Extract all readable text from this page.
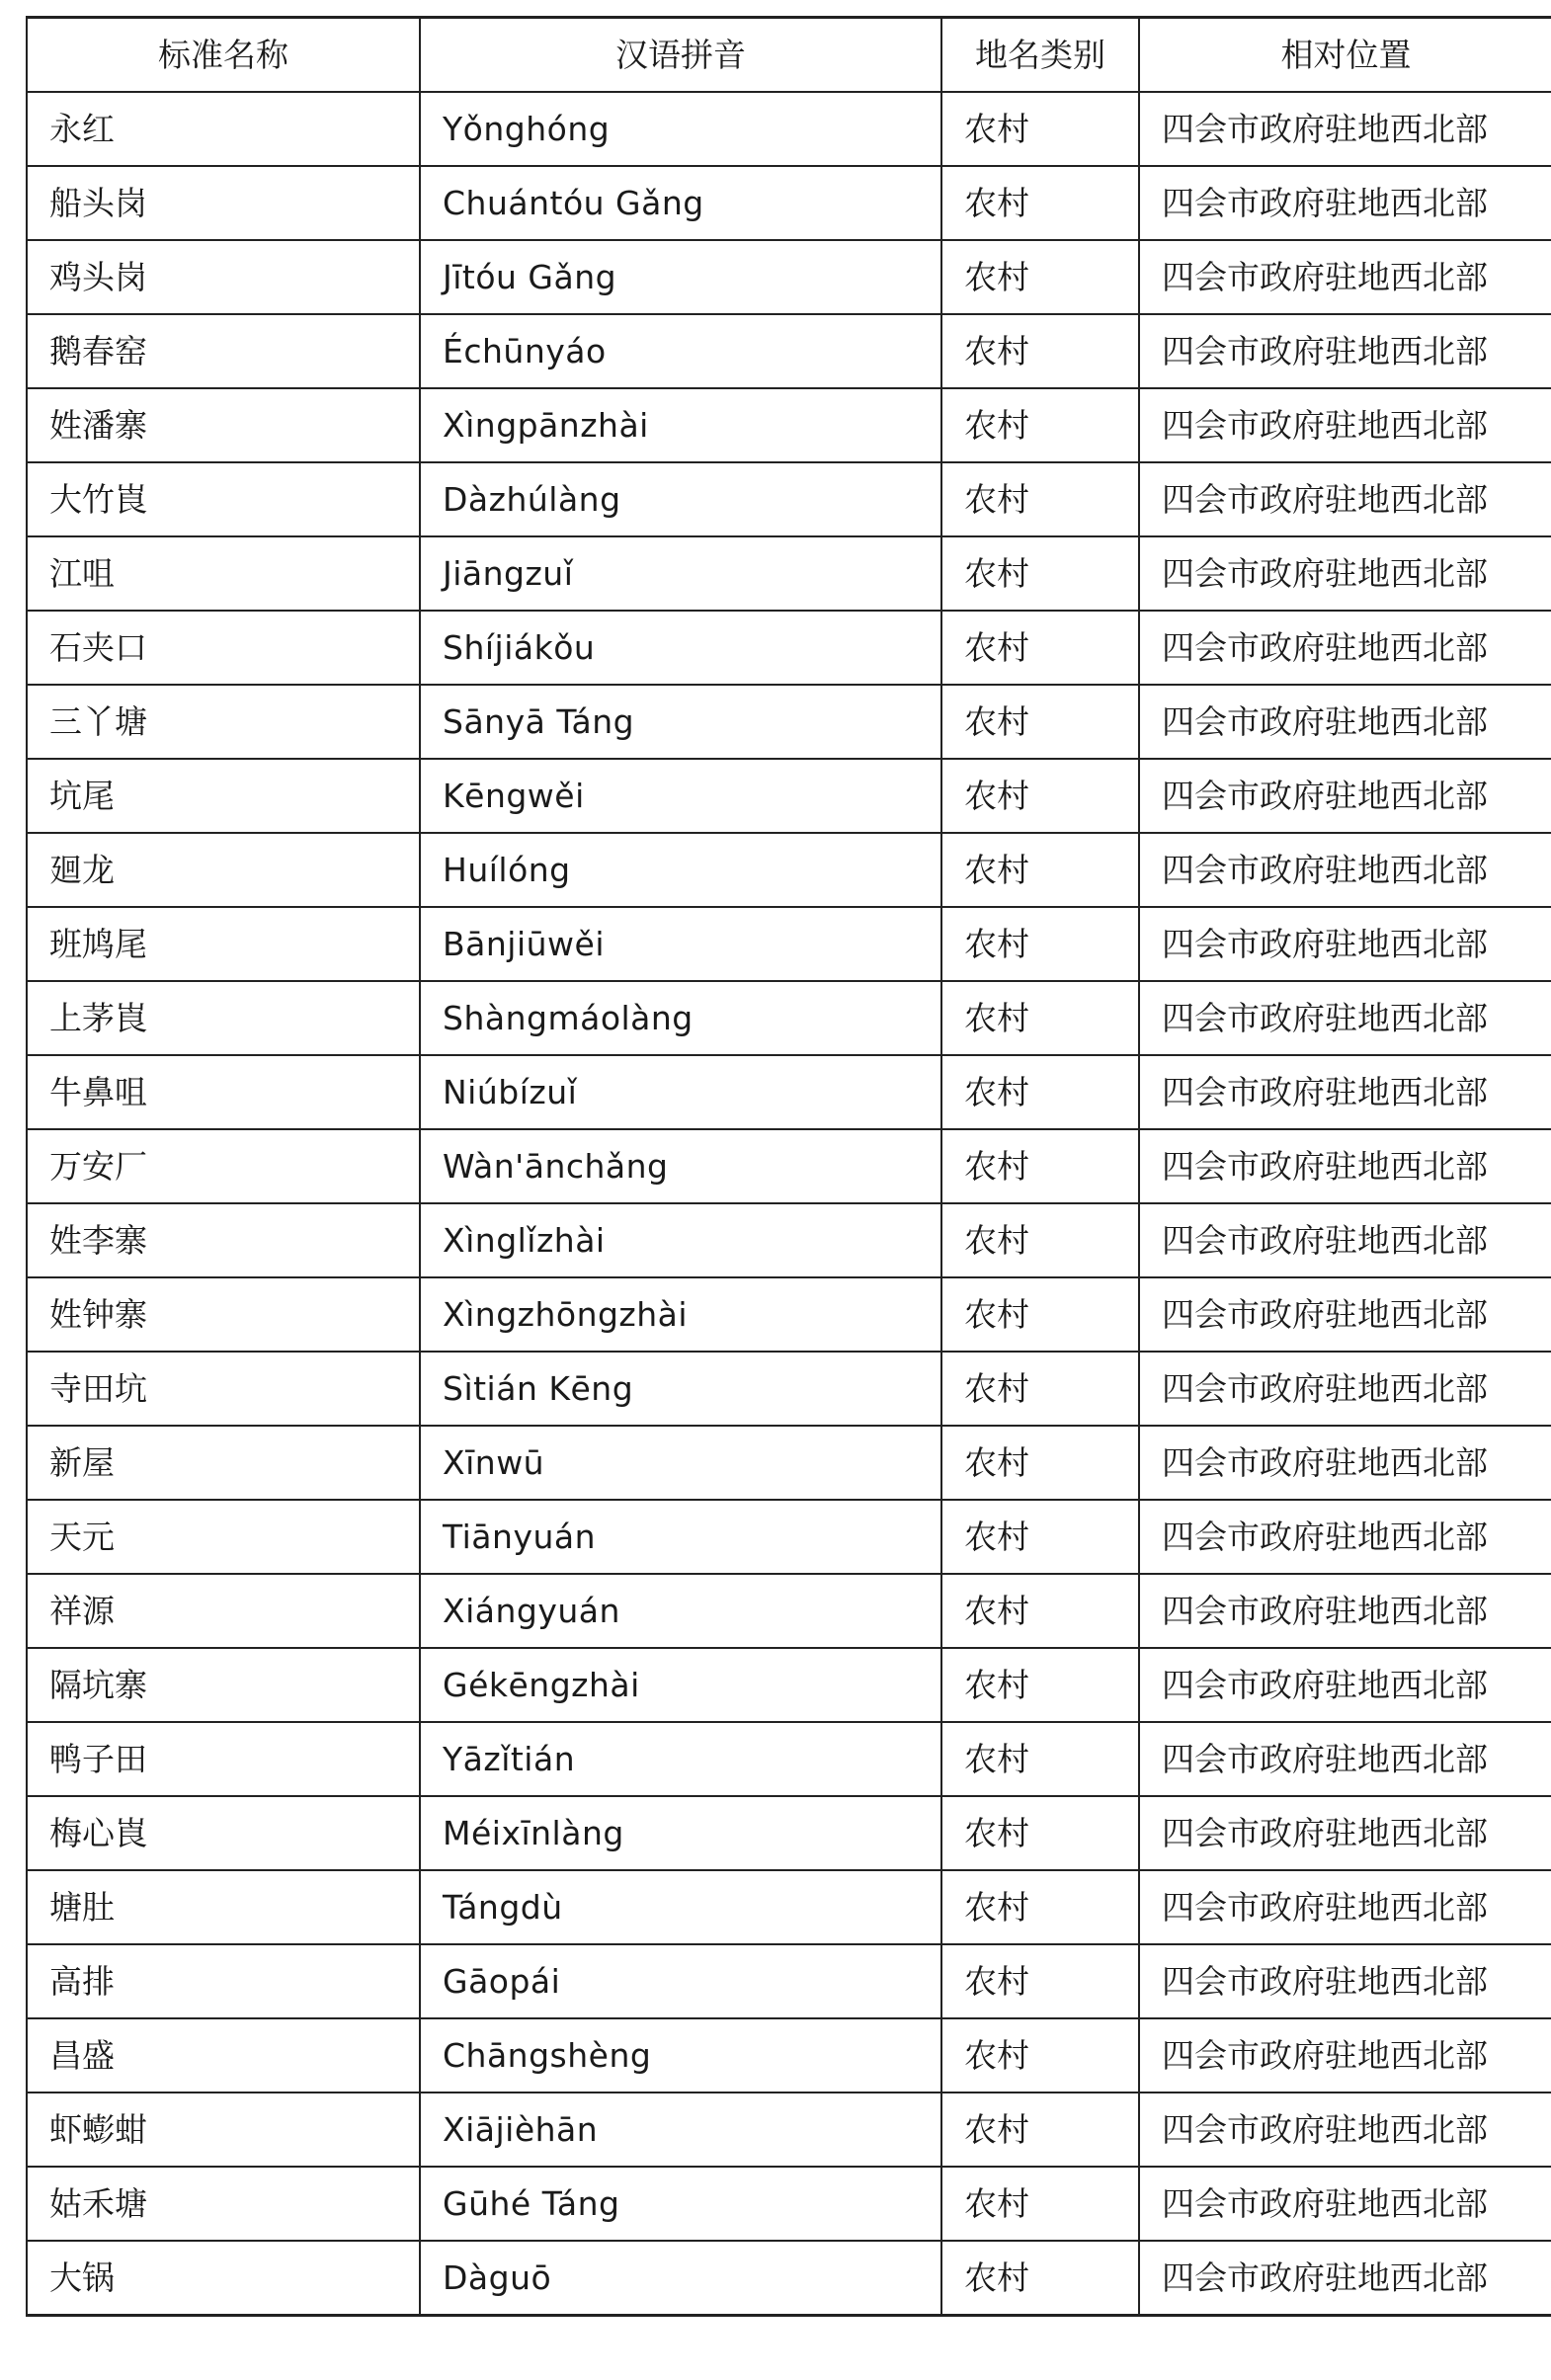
标准名称	汉语拼音	地名类别	相对位置
永红	Yǒnghóng	农村	四会市政府驻地西北部
船头岗	Chuántóu Gǎng	农村	四会市政府驻地西北部
鸡头岗	Jītóu Gǎng	农村	四会市政府驻地西北部
鹅春窑	Échūnyáo	农村	四会市政府驻地西北部
姓潘寨	Xìngpānzhài	农村	四会市政府驻地西北部
大竹崀	Dàzhúlàng	农村	四会市政府驻地西北部
江咀	Jiāngzuǐ	农村	四会市政府驻地西北部
石夹口	Shíjiákǒu	农村	四会市政府驻地西北部
三丫塘	Sānyā Táng	农村	四会市政府驻地西北部
坑尾	Kēngwěi	农村	四会市政府驻地西北部
廻龙	Huílóng	农村	四会市政府驻地西北部
班鸠尾	Bānjiūwěi	农村	四会市政府驻地西北部
上茅崀	Shàngmáolàng	农村	四会市政府驻地西北部
牛鼻咀	Niúbízuǐ	农村	四会市政府驻地西北部
万安厂	Wàn'ānchǎng	农村	四会市政府驻地西北部
姓李寨	Xìnglǐzhài	农村	四会市政府驻地西北部
姓钟寨	Xìngzhōngzhài	农村	四会市政府驻地西北部
寺田坑	Sìtián Kēng	农村	四会市政府驻地西北部
新屋	Xīnwū	农村	四会市政府驻地西北部
天元	Tiānyuán	农村	四会市政府驻地西北部
祥源	Xiángyuán	农村	四会市政府驻地西北部
隔坑寨	Gékēngzhài	农村	四会市政府驻地西北部
鸭子田	Yāzǐtián	农村	四会市政府驻地西北部
梅心崀	Méixīnlàng	农村	四会市政府驻地西北部
塘肚	Tángdù	农村	四会市政府驻地西北部
高排	Gāopái	农村	四会市政府驻地西北部
昌盛	Chāngshèng	农村	四会市政府驻地西北部
虾蟛蚶	Xiājièhān	农村	四会市政府驻地西北部
姑禾塘	Gūhé Táng	农村	四会市政府驻地西北部
大锅	Dàguō	农村	四会市政府驻地西北部
